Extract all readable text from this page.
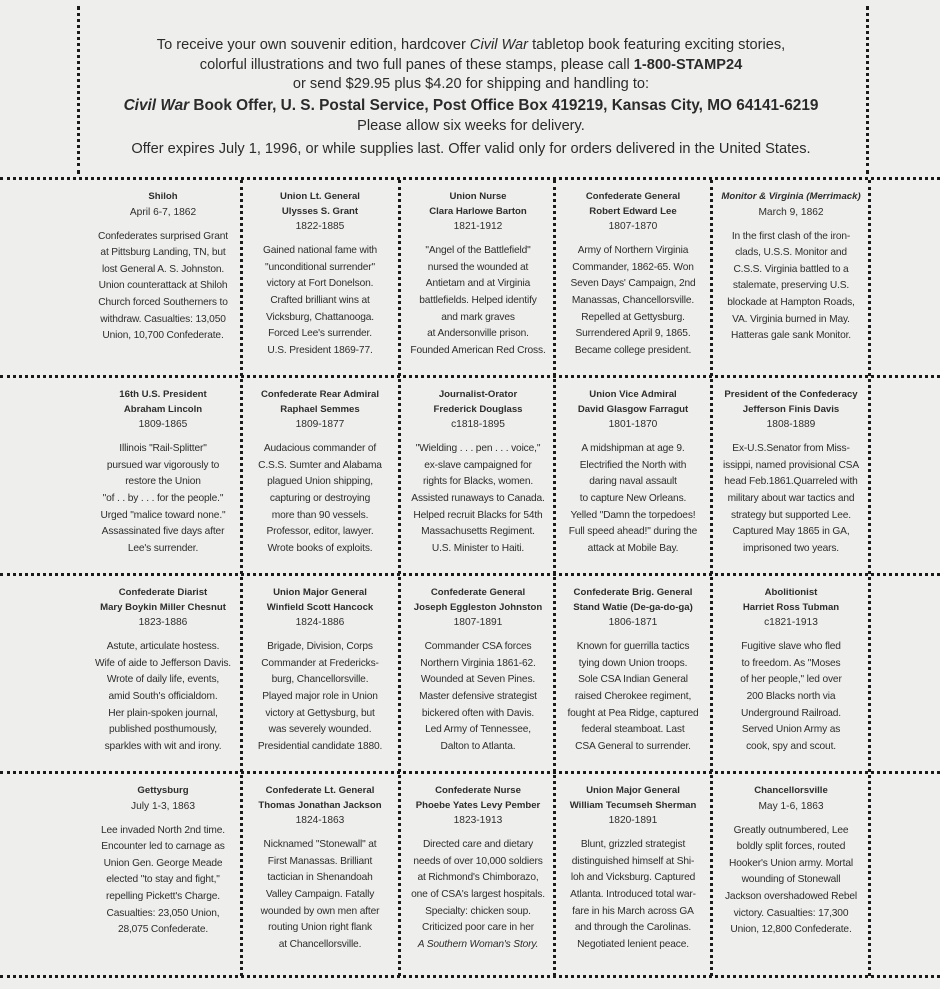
To receive your own souvenir edition, hardcover Civil War tabletop book featuring exciting stories,
colorful illustrations and two full panes of these stamps, please call 1-800-STAMP24
or send $29.95 plus $4.20 for shipping and handling to:
Civil War Book Offer, U. S. Postal Service, Post Office Box 419219, Kansas City, MO 64141-6219
Please allow six weeks for delivery.
Offer expires July 1, 1996, or while supplies last. Offer valid only for orders delivered in the United States.
Shiloh
April 6-7, 1862
Confederates surprised Grant
at Pittsburg Landing, TN, but
lost General A. S. Johnston.
Union counterattack at Shiloh
Church forced Southerners to
withdraw. Casualties: 13,050
Union, 10,700 Confederate.
Union Lt. General
Ulysses S. Grant
1822-1885
Gained national fame with
"unconditional surrender"
victory at Fort Donelson.
Crafted brilliant wins at
Vicksburg, Chattanooga.
Forced Lee's surrender.
U.S. President 1869-77.
Union Nurse
Clara Harlowe Barton
1821-1912
"Angel of the Battlefield"
nursed the wounded at
Antietam and at Virginia
battlefields. Helped identify
and mark graves
at Andersonville prison.
Founded American Red Cross.
Confederate General
Robert Edward Lee
1807-1870
Army of Northern Virginia
Commander, 1862-65. Won
Seven Days' Campaign, 2nd
Manassas, Chancellorsville.
Repelled at Gettysburg.
Surrendered April 9, 1865.
Became college president.
Monitor & Virginia (Merrimack)
March 9, 1862
In the first clash of the iron-
clads, U.S.S. Monitor and
C.S.S. Virginia battled to a
stalemate, preserving U.S.
blockade at Hampton Roads,
VA. Virginia burned in May.
Hatteras gale sank Monitor.
16th U.S. President
Abraham Lincoln
1809-1865
Illinois "Rail-Splitter"
pursued war vigorously to
restore the Union
"of . . by . . . for the people."
Urged "malice toward none."
Assassinated five days after
Lee's surrender.
Confederate Rear Admiral
Raphael Semmes
1809-1877
Audacious commander of
C.S.S. Sumter and Alabama
plagued Union shipping,
capturing or destroying
more than 90 vessels.
Professor, editor, lawyer.
Wrote books of exploits.
Journalist-Orator
Frederick Douglass
c1818-1895
"Wielding . . . pen . . . voice,"
ex-slave campaigned for
rights for Blacks, women.
Assisted runaways to Canada.
Helped recruit Blacks for 54th
Massachusetts Regiment.
U.S. Minister to Haiti.
Union Vice Admiral
David Glasgow Farragut
1801-1870
A midshipman at age 9.
Electrified the North with
daring naval assault
to capture New Orleans.
Yelled "Damn the torpedoes!
Full speed ahead!" during the
attack at Mobile Bay.
President of the Confederacy
Jefferson Finis Davis
1808-1889
Ex-U.S.Senator from Miss-
issippi, named provisional CSA
head Feb.1861.Quarreled with
military about war tactics and
strategy but supported Lee.
Captured May 1865 in GA,
imprisoned two years.
Confederate Diarist
Mary Boykin Miller Chesnut
1823-1886
Astute, articulate hostess.
Wife of aide to Jefferson Davis.
Wrote of daily life, events,
amid South's officialdom.
Her plain-spoken journal,
published posthumously,
sparkles with wit and irony.
Union Major General
Winfield Scott Hancock
1824-1886
Brigade, Division, Corps
Commander at Fredericks-
burg, Chancellorsville.
Played major role in Union
victory at Gettysburg, but
was severely wounded.
Presidential candidate 1880.
Confederate General
Joseph Eggleston Johnston
1807-1891
Commander CSA forces
Northern Virginia 1861-62.
Wounded at Seven Pines.
Master defensive strategist
bickered often with Davis.
Led Army of Tennessee,
Dalton to Atlanta.
Confederate Brig. General
Stand Watie (De-ga-do-ga)
1806-1871
Known for guerrilla tactics
tying down Union troops.
Sole CSA Indian General
raised Cherokee regiment,
fought at Pea Ridge, captured
federal steamboat. Last
CSA General to surrender.
Abolitionist
Harriet Ross Tubman
c1821-1913
Fugitive slave who fled
to freedom. As "Moses
of her people," led over
200 Blacks north via
Underground Railroad.
Served Union Army as
cook, spy and scout.
Gettysburg
July 1-3, 1863
Lee invaded North 2nd time.
Encounter led to carnage as
Union Gen. George Meade
elected "to stay and fight,"
repelling Pickett's Charge.
Casualties: 23,050 Union,
28,075 Confederate.
Confederate Lt. General
Thomas Jonathan Jackson
1824-1863
Nicknamed "Stonewall" at
First Manassas. Brilliant
tactician in Shenandoah
Valley Campaign. Fatally
wounded by own men after
routing Union right flank
at Chancellorsville.
Confederate Nurse
Phoebe Yates Levy Pember
1823-1913
Directed care and dietary
needs of over 10,000 soldiers
at Richmond's Chimborazo,
one of CSA's largest hospitals.
Specialty: chicken soup.
Criticized poor care in her
A Southern Woman's Story.
Union Major General
William Tecumseh Sherman
1820-1891
Blunt, grizzled strategist
distinguished himself at Shi-
loh and Vicksburg. Captured
Atlanta. Introduced total war-
fare in his March across GA
and through the Carolinas.
Negotiated lenient peace.
Chancellorsville
May 1-6, 1863
Greatly outnumbered, Lee
boldly split forces, routed
Hooker's Union army. Mortal
wounding of Stonewall
Jackson overshadowed Rebel
victory. Casualties: 17,300
Union, 12,800 Confederate.
